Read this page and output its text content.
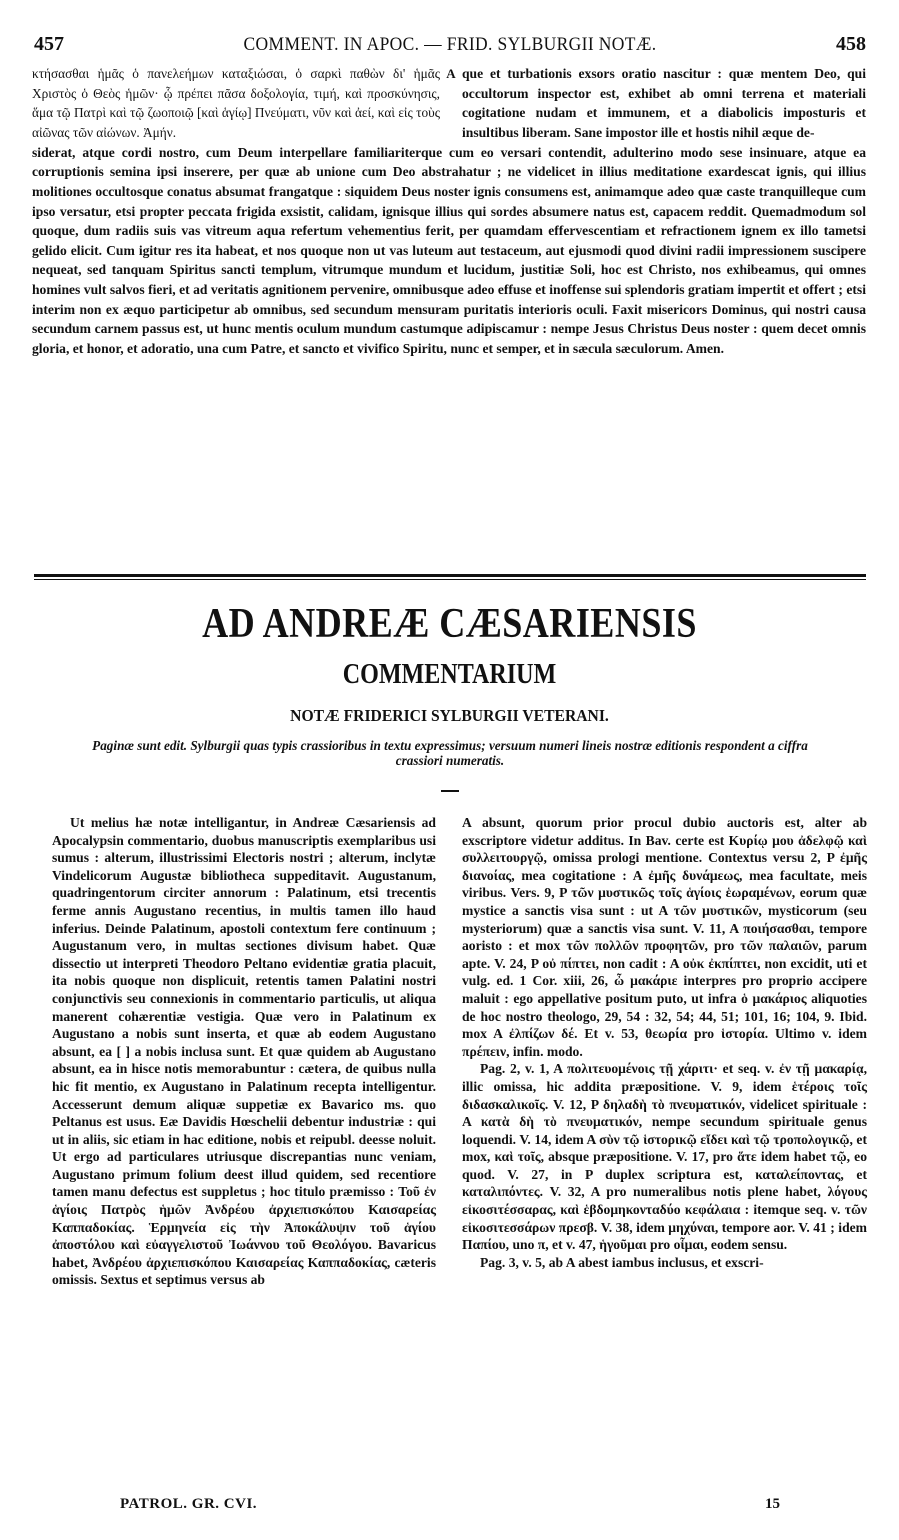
457	COMMENT. IN APOC. — FRID. SYLBURGII NOTÆ.	458

κτήσασθαι ἡμᾶς ὁ πανελεήμων καταξιώσαι, ὁ σαρκὶ παθὼν δι' ἡμᾶς Χριστὸς ὁ Θεὸς ἡμῶν· ᾧ πρέπει πᾶσα δοξολογία, τιμή, καὶ προσκύνησις, ἅμα τῷ Πατρὶ καὶ τῷ ζωοποιῷ [καὶ ἁγίῳ] Πνεύματι, νῦν καὶ ἀεί, καὶ εἰς τοὺς αἰῶνας τῶν αἰώνων. Ἀμήν.

A que et turbationis exsors oratio nascitur : quæ mentem Deo, qui occultorum inspector est, exhibet ab omni terrena et materiali cogitatione nudam et immunem, et a diabolicis imposturis et insultibus liberam. Sane impostor ille et hostis nihil æque de-

siderat, atque cordi nostro, cum Deum interpellare familiariterque cum eo versari contendit, adulterino modo sese insinuare, atque ea corruptionis semina ipsi inserere, per quæ ab unione cum Deo abstrahatur ; ne videlicet in illius meditatione exardescat ignis, qui illius molitiones occultosque conatus absumat frangatque : siquidem Deus noster ignis consumens est, animamque adeo quæ caste tranquilleque cum ipso versatur, etsi propter peccata frigida exsistit, calidam, ignisque illius qui sordes absumere natus est, capacem reddit. Quemadmodum sol quoque, dum radiis suis vas vitreum aqua refertum vehementius ferit, per quamdam effervescentiam et refractionem ignem ex illo tametsi gelido elicit. Cum igitur res ita habeat, et nos quoque non ut vas luteum aut testaceum, aut ejusmodi quod divini radii impressionem suscipere nequeat, sed tanquam Spiritus sancti templum, vitrumque mundum et lucidum, justitiæ Soli, hoc est Christo, nos exhibeamus, qui omnes homines vult salvos fieri, et ad veritatis agnitionem pervenire, omnibusque adeo effuse et inoffense sui splendoris gratiam impertit et offert ; etsi interim non ex æquo participetur ab omnibus, sed secundum mensuram puritatis interioris oculi. Faxit misericors Dominus, qui nostri causa secundum carnem passus est, ut hunc mentis oculum mundum castumque adipiscamur : nempe Jesus Christus Deus noster : quem decet omnis gloria, et honor, et adoratio, una cum Patre, et sancto et vivifico Spiritu, nunc et semper, et in sæcula sæculorum. Amen.

AD ANDREÆ CÆSARIENSIS
COMMENTARIUM
NOTÆ FRIDERICI SYLBURGII VETERANI.
Paginæ sunt edit. Sylburgii quas typis crassioribus in textu expressimus; versuum numeri lineis nostræ editionis respondent a ciffra crassiori numeratis.

Ut melius hæ notæ intelligantur, in Andreæ Cæsariensis ad Apocalypsin commentario, duobus manuscriptis exemplaribus usi sumus : alterum, illustrissimi Electoris nostri ; alterum, inclytæ Vindelicorum Augustæ bibliotheca suppeditavit. Augustanum, quadringentorum circiter annorum : Palatinum, etsi trecentis ferme annis Augustano recentius, in multis tamen illo haud inferius. Deinde Palatinum, apostoli contextum fere continuum ; Augustanum vero, in multas sectiones divisum habet. Quæ dissectio ut interpreti Theodoro Peltano evidentiæ gratia placuit, ita nobis quoque non displicuit, retentis tamen Palatini nostri conjunctivis seu connexionis in commentario particulis, ut aliqua manerent cohærentiæ vestigia. Quæ vero in Palatinum ex Augustano a nobis sunt inserta, et quæ ab eodem Augustano absunt, ea [ ] a nobis inclusa sunt. Et quæ quidem ab Augustano absunt, ea in hisce notis memorabuntur : cætera, de quibus nulla hic fit mentio, ex Augustano in Palatinum recepta intelligentur. Accesserunt demum aliquæ suppetiæ ex Bavarico ms. quo Peltanus est usus. Eæ Davidis Hœschelii debentur industriæ : qui ut in aliis, sic etiam in hac editione, nobis et reipubl. deesse noluit. Ut ergo ad particulares utriusque discrepantias nunc veniam, Augustano primum folium deest illud quidem, sed recentiore tamen manu defectus est suppletus ; hoc titulo præmisso : Τοῦ ἐν ἁγίοις Πατρὸς ἡμῶν Ἀνδρέου ἀρχιεπισκόπου Καισαρείας Καππαδοκίας. Ἑρμηνεία εἰς τὴν Ἀποκάλυψιν τοῦ ἁγίου ἀποστόλου καὶ εὐαγγελιστοῦ Ἰωάννου τοῦ Θεολόγου. Bavaricus habet, Ἀνδρέου ἀρχιεπισκόπου Καισαρείας Καππαδοκίας, cæteris omissis. Sextus et septimus versus ab

A absunt, quorum prior procul dubio auctoris est, alter ab exscriptore videtur additus. In Bav. certe est Κυρίῳ μου ἀδελφῷ καὶ συλλειτουργῷ, omissa prologi mentione. Contextus versu 2, P ἐμῆς διανοίας, mea cogitatione : A ἐμῆς δυνάμεως, mea facultate, meis viribus. Vers. 9, P τῶν μυστικῶς τοῖς ἁγίοις ἑωραμένων, eorum quæ mystice a sanctis visa sunt : ut A τῶν μυστικῶν, mysticorum (seu mysteriorum) quæ a sanctis visa sunt. V. 11, A ποιήσασθαι, tempore aoristo : et mox τῶν πολλῶν προφητῶν, pro τῶν παλαιῶν, parum apte. V. 24, P οὐ πίπτει, non cadit : A οὐκ ἐκπίπτει, non excidit, uti et vulg. ed. 1 Cor. xiii, 26, ὦ μακάριε interpres pro proprio accipere maluit : ego appellative positum puto, ut infra ὁ μακάριος aliquoties de hoc nostro theologo, 29, 54 : 32, 54; 44, 51; 101, 16; 104, 9. Ibid. mox A ἐλπίζων δέ. Et v. 53, θεωρία pro ἱστορία. Ultimo v. idem πρέπειν, infin. modo.

Pag. 2, v. 1, A πολιτευομένοις τῇ χάριτι· et seq. v. ἐν τῇ μακαρίᾳ, illic omissa, hic addita præpositione. V. 9, idem ἑτέροις τοῖς διδασκαλικοῖς. V. 12, P δηλαδὴ τὸ πνευματικόν, videlicet spirituale : A κατὰ δὴ τὸ πνευματικόν, nempe secundum spirituale genus loquendi. V. 14, idem A σὺν τῷ ἱστορικῷ εἴδει καὶ τῷ τροπολογικῷ, et mox, καὶ τοῖς, absque præpositione. V. 17, pro ἅτε idem habet τῷ, eo quod. V. 27, in P duplex scriptura est, καταλείποντας, et καταλιπόντες. V. 32, A pro numeralibus notis plene habet, λόγους εἰκοσιτέσσαρας, καὶ ἑβδομηκονταδύο κεφάλαια : itemque seq. v. τῶν εἰκοσιτεσσάρων πρεσβ. V. 38, idem μηχύναι, tempore aor. V. 41 ; idem Παπίου, uno π, et v. 47, ἡγοῦμαι pro οἶμαι, eodem sensu.

Pag. 3, v. 5, ab A abest iambus inclusus, et exscri-

PATROL. GR. CVI.	15
